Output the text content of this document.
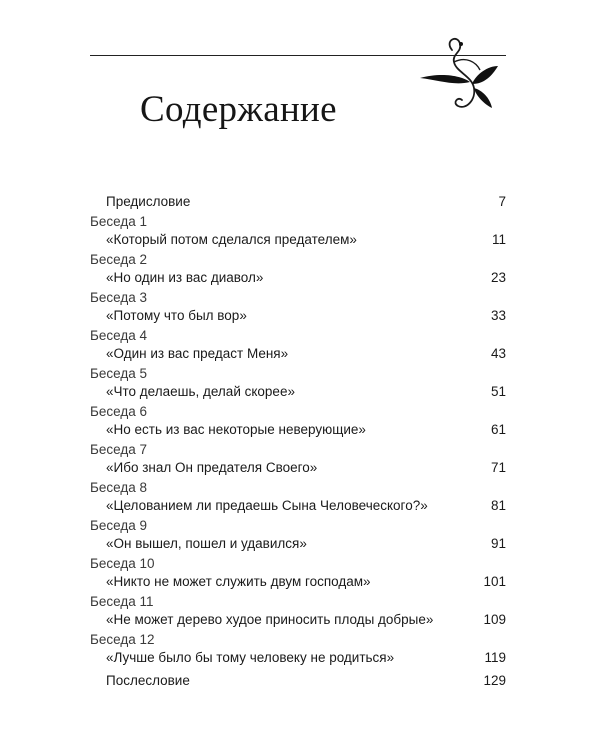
Содержание
Предисловие	7
Беседа 1
«Который потом сделался предателем»	11
Беседа 2
«Но один из вас диавол»	23
Беседа 3
«Потому что был вор»	33
Беседа 4
«Один из вас предаст Меня»	43
Беседа 5
«Что делаешь, делай скорее»	51
Беседа 6
«Но есть из вас некоторые неверующие»	61
Беседа 7
«Ибо знал Он предателя Своего»	71
Беседа 8
«Целованием ли предаешь Сына Человеческого?»	81
Беседа 9
«Он вышел, пошел и удавился»	91
Беседа 10
«Никто не может служить двум господам»	101
Беседа 11
«Не может дерево худое приносить плоды добрые»	109
Беседа 12
«Лучше было бы тому человеку не родиться»	119
Послесловие	129
